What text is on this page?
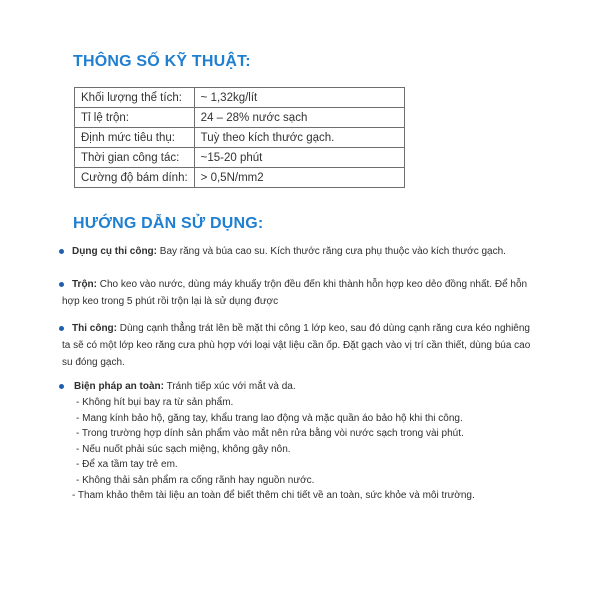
THÔNG SỐ KỸ THUẬT:
Khối lượng thể tích:	~ 1,32kg/lít
Tỉ lệ trộn:	24 – 28% nước sạch
Định mức tiêu thụ:	Tuỳ theo kích thước gạch.
Thời gian công tác:	~15-20 phút
Cường độ bám dính:	> 0,5N/mm2
HƯỚNG DẪN SỬ DỤNG:
Dụng cụ thi công: Bay răng và búa cao su. Kích thước răng cưa phụ thuộc vào kích thước gạch.
Trộn: Cho keo vào nước, dùng máy khuấy trộn đều đến khi thành hỗn hợp keo dẻo đồng nhất. Để hỗn hợp keo trong 5 phút rồi trộn lại là sử dụng được
Thi công: Dùng cạnh thẳng trát lên bề mặt thi công 1 lớp keo, sau đó dùng cạnh răng cưa kéo nghiêng ta sẽ có một lớp keo răng cưa phù hợp với loại vật liệu cần ốp. Đặt gạch vào vị trí cần thiết, dùng búa cao su đóng gạch.
Biện pháp an toàn: Tránh tiếp xúc với mắt và da.
- Không hít bụi bay ra từ sản phẩm.
- Mang kính bảo hộ, găng tay, khẩu trang lao động và mặc quần áo bảo hộ khi thi công.
- Trong trường hợp dính sản phẩm vào mắt nên rửa bằng vòi nước sạch trong vài phút.
- Nếu nuốt phải súc sạch miệng, không gây nôn.
- Để xa tầm tay trẻ em.
- Không thải sản phẩm ra cống rãnh hay nguồn nước.
- Tham khảo thêm tài liệu an toàn để biết thêm chi tiết về an toàn, sức khỏe và môi trường.
